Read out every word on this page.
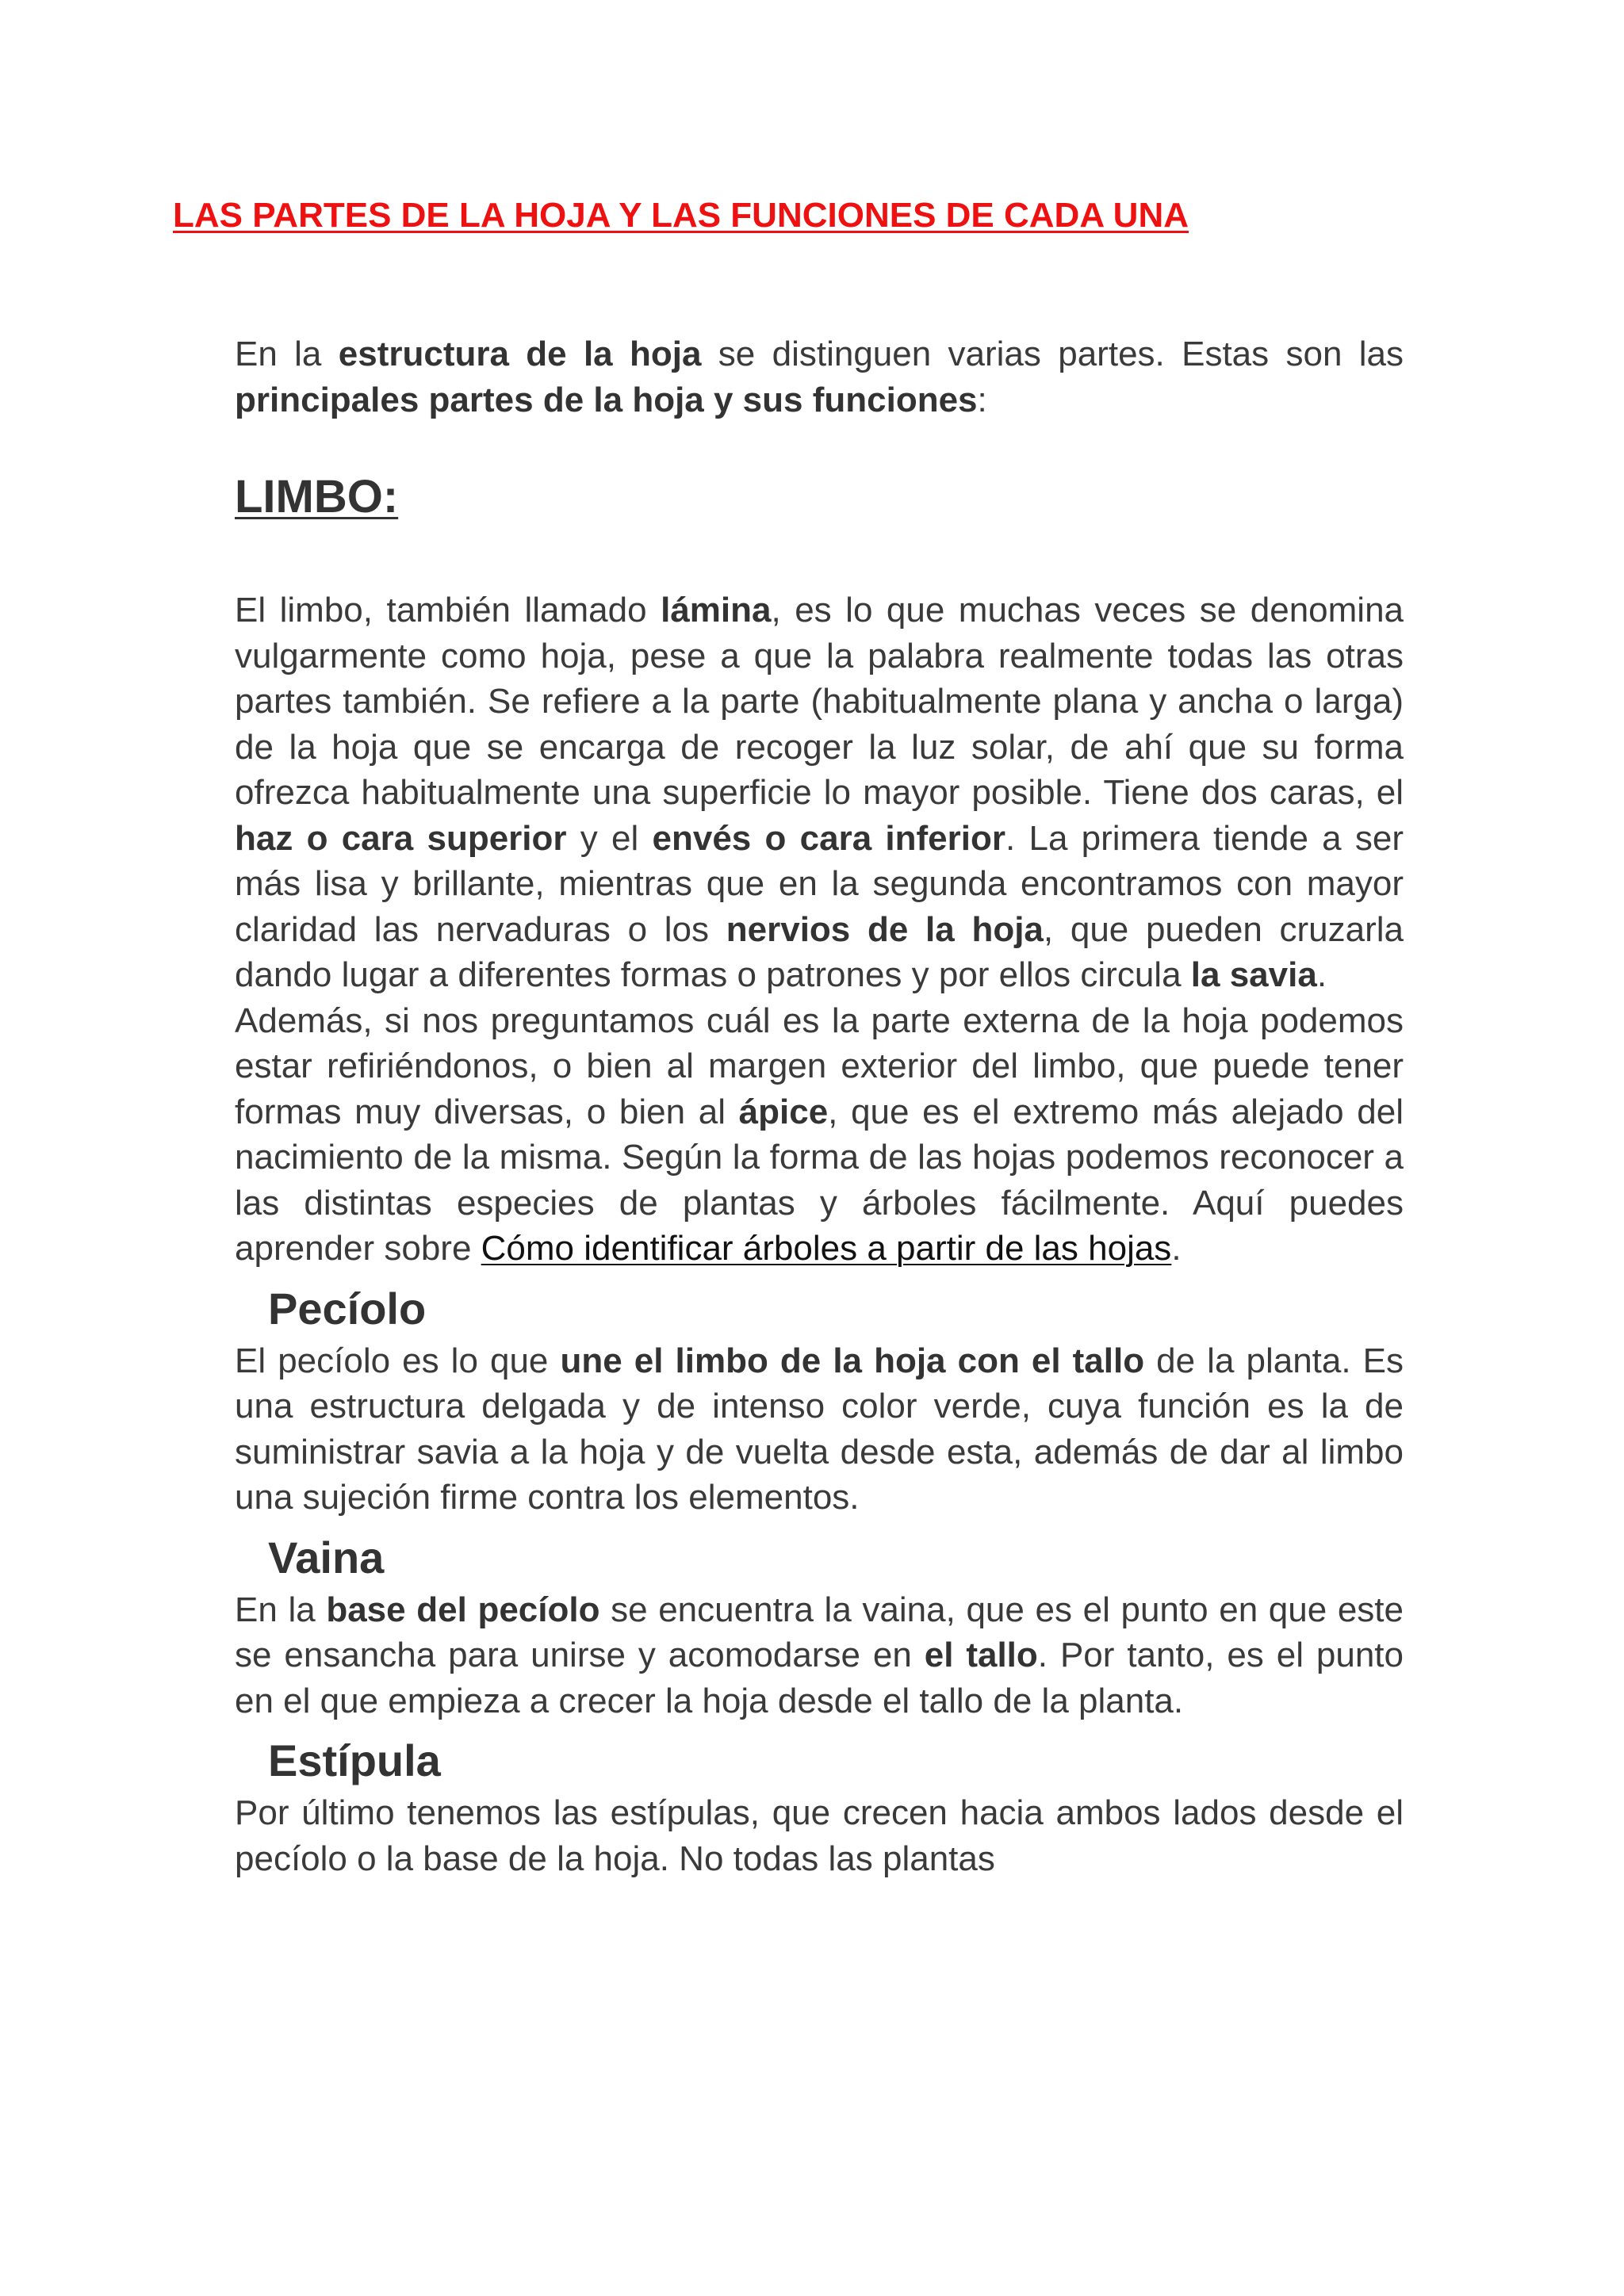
LAS PARTES DE LA HOJA Y LAS FUNCIONES DE CADA UNA

En la estructura de la hoja se distinguen varias partes. Estas son las principales partes de la hoja y sus funciones:

LIMBO:

El limbo, también llamado lámina, es lo que muchas veces se denomina vulgarmente como hoja, pese a que la palabra realmente todas las otras partes también. Se refiere a la parte (habitualmente plana y ancha o larga) de la hoja que se encarga de recoger la luz solar, de ahí que su forma ofrezca habitualmente una superficie lo mayor posible. Tiene dos caras, el haz o cara superior y el envés o cara inferior. La primera tiende a ser más lisa y brillante, mientras que en la segunda encontramos con mayor claridad las nervaduras o los nervios de la hoja, que pueden cruzarla dando lugar a diferentes formas o patrones y por ellos circula la savia.

Además, si nos preguntamos cuál es la parte externa de la hoja podemos estar refiriéndonos, o bien al margen exterior del limbo, que puede tener formas muy diversas, o bien al ápice, que es el extremo más alejado del nacimiento de la misma. Según la forma de las hojas podemos reconocer a las distintas especies de plantas y árboles fácilmente. Aquí puedes aprender sobre Cómo identificar árboles a partir de las hojas.

Pecíolo

El pecíolo es lo que une el limbo de la hoja con el tallo de la planta. Es una estructura delgada y de intenso color verde, cuya función es la de suministrar savia a la hoja y de vuelta desde esta, además de dar al limbo una sujeción firme contra los elementos.

Vaina

En la base del pecíolo se encuentra la vaina, que es el punto en que este se ensancha para unirse y acomodarse en el tallo. Por tanto, es el punto en el que empieza a crecer la hoja desde el tallo de la planta.

Estípula

Por último tenemos las estípulas, que crecen hacia ambos lados desde el pecíolo o la base de la hoja. No todas las plantas
